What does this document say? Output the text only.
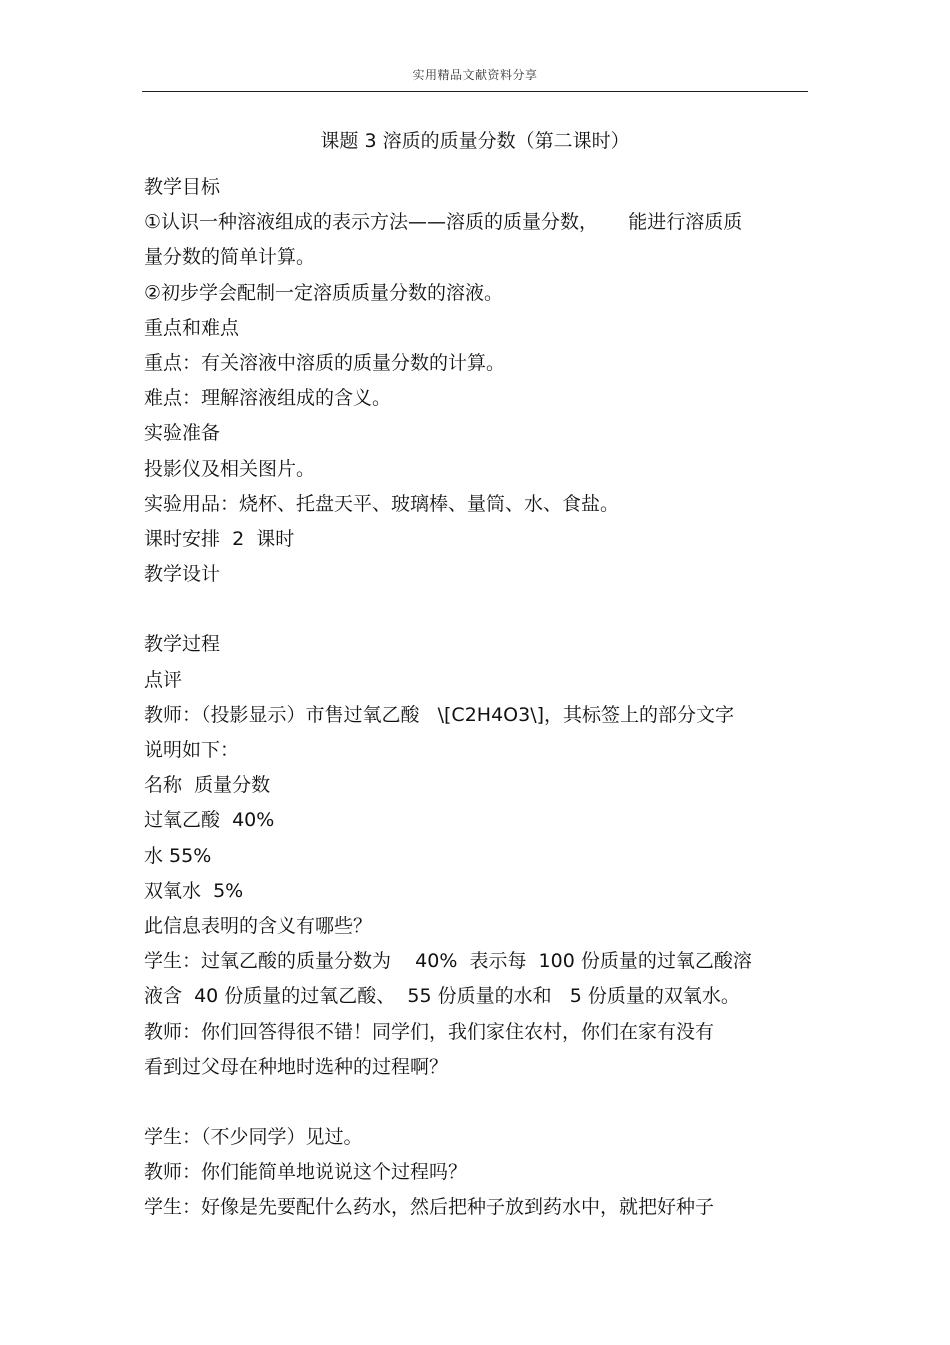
实用精品文献资料分享
课题 3 溶质的质量分数（第二课时）
教学目标
①认识一种溶液组成的表示方法——溶质的质量分数，     能进行溶质质
量分数的简单计算。
②初步学会配制一定溶质质量分数的溶液。
重点和难点
重点：有关溶液中溶质的质量分数的计算。
难点：理解溶液组成的含义。
实验准备
投影仪及相关图片。
实验用品：烧杯、托盘天平、玻璃棒、量筒、水、食盐。
课时安排  2  课时
教学设计
教学过程
点评
教师：（投影显示）市售过氧乙酸   \[C2H4O3\]，其标签上的部分文字
说明如下：
名称  质量分数
过氧乙酸  40%
水 55%
双氧水  5%
此信息表明的含义有哪些？
学生：过氧乙酸的质量分数为    40%  表示每  100 份质量的过氧乙酸溶
液含  40 份质量的过氧乙酸、  55 份质量的水和   5 份质量的双氧水。
教师：你们回答得很不错！同学们，我们家住农村，你们在家有没有
看到过父母在种地时选种的过程啊？
学生：（不少同学）见过。
教师：你们能简单地说说这个过程吗？
学生：好像是先要配什么药水，然后把种子放到药水中，就把好种子
